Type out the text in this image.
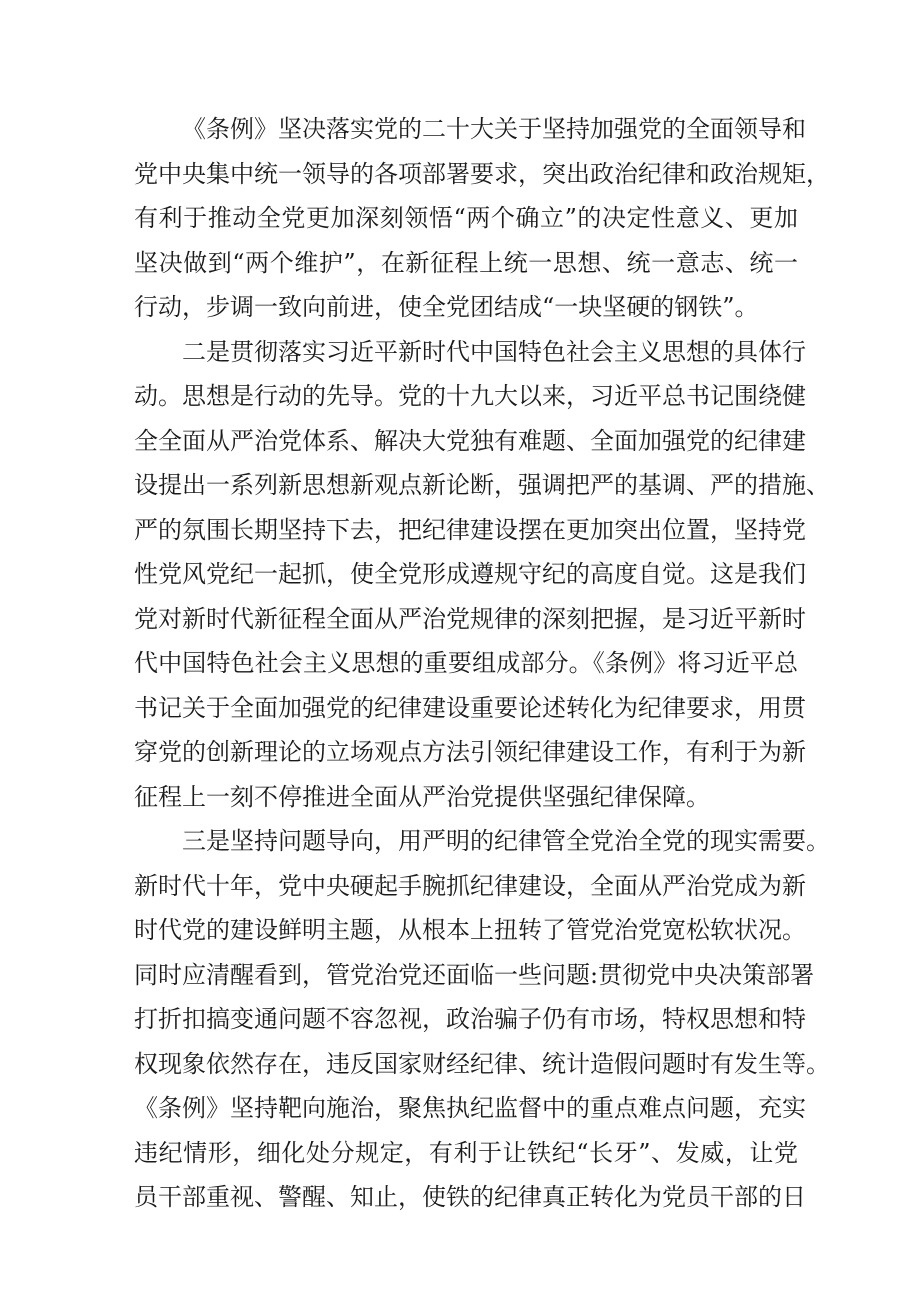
《条例》坚决落实党的二十大关于坚持加强党的全面领导和
党中央集中统一领导的各项部署要求，突出政治纪律和政治规矩，
有利于推动全党更加深刻领悟“两个确立”的决定性意义、更加
坚决做到“两个维护”，在新征程上统一思想、统一意志、统一
行动，步调一致向前进，使全党团结成“一块坚硬的钢铁”。
二是贯彻落实习近平新时代中国特色社会主义思想的具体行
动。思想是行动的先导。党的十九大以来，习近平总书记围绕健
全全面从严治党体系、解决大党独有难题、全面加强党的纪律建
设提出一系列新思想新观点新论断，强调把严的基调、严的措施、
严的氛围长期坚持下去，把纪律建设摆在更加突出位置，坚持党
性党风党纪一起抓，使全党形成遵规守纪的高度自觉。这是我们
党对新时代新征程全面从严治党规律的深刻把握，是习近平新时
代中国特色社会主义思想的重要组成部分。《条例》将习近平总
书记关于全面加强党的纪律建设重要论述转化为纪律要求，用贯
穿党的创新理论的立场观点方法引领纪律建设工作，有利于为新
征程上一刻不停推进全面从严治党提供坚强纪律保障。
三是坚持问题导向，用严明的纪律管全党治全党的现实需要。
新时代十年，党中央硬起手腕抓纪律建设，全面从严治党成为新
时代党的建设鲜明主题，从根本上扭转了管党治党宽松软状况。
同时应清醒看到，管党治党还面临一些问题:贯彻党中央决策部署
打折扣搞变通问题不容忽视，政治骗子仍有市场，特权思想和特
权现象依然存在，违反国家财经纪律、统计造假问题时有发生等。
《条例》坚持靶向施治，聚焦执纪监督中的重点难点问题，充实
违纪情形，细化处分规定，有利于让铁纪“长牙”、发威，让党
员干部重视、警醒、知止，使铁的纪律真正转化为党员干部的日
